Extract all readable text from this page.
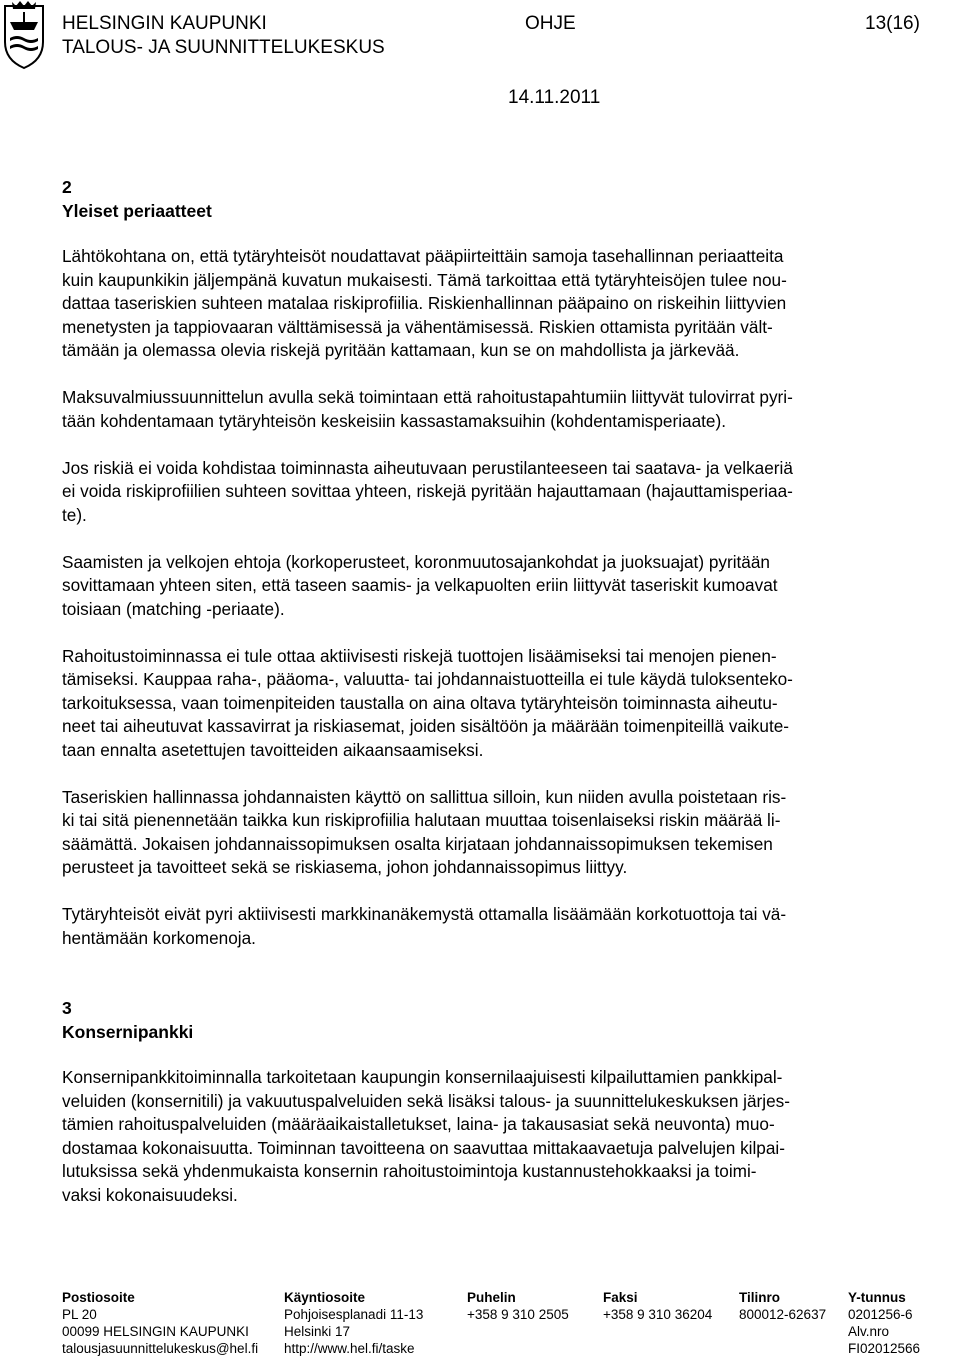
HELSINGIN KAUPUNKI	OHJE	13(16)
TALOUS- JA SUUNNITTELUKESKUS
14.11.2011
2
Yleiset periaatteet
Lähtökohtana on, että tytäryhteisöt noudattavat pääpiirteittäin samoja tasehallinnan periaatteita
kuin kaupunkikin jäljempänä kuvatun mukaisesti. Tämä tarkoittaa että tytäryhteisöjen tulee nou-
dattaa taseriskien suhteen matalaa riskiprofiilia. Riskienhallinnan pääpaino on riskeihin liittyvien
menetysten ja tappiovaaran välttämisessä ja vähentämisessä. Riskien ottamista pyritään vält-
tämään ja olemassa olevia riskejä pyritään kattamaan, kun se on mahdollista ja järkevää.
Maksuvalmiussuunnittelun avulla sekä toimintaan että rahoitustapahtumiin liittyvät tulovirrat pyri-
tään kohdentamaan tytäryhteisön keskeisiin kassastamaksuihin (kohdentamisperiaate).
Jos riskiä ei voida kohdistaa toiminnasta aiheutuvaan perustilanteeseen tai saatava- ja velkaeriä
ei voida riskiprofiilien suhteen sovittaa yhteen, riskejä pyritään hajauttamaan (hajauttamisperiaa-
te).
Saamisten ja velkojen ehtoja (korkoperusteet, koronmuutosajankohdat ja juoksuajat) pyritään
sovittamaan yhteen siten, että taseen saamis- ja velkapuolten eriin liittyvät taseriskit kumoavat
toisiaan (matching -periaate).
Rahoitustoiminnassa ei tule ottaa aktiivisesti riskejä tuottojen lisäämiseksi tai menojen pienen-
tämiseksi. Kauppaa raha-, pääoma-, valuutta- tai johdannaistuotteilla ei tule käydä tuloksenteko-
tarkoituksessa, vaan toimenpiteiden taustalla on aina oltava tytäryhteisön toiminnasta aiheutu-
neet tai aiheutuvat kassavirrat ja riskiasemat, joiden sisältöön ja määrään toimenpiteillä vaikute-
taan ennalta asetettujen tavoitteiden aikaansaamiseksi.
Taseriskien hallinnassa johdannaisten käyttö on sallittua silloin, kun niiden avulla poistetaan ris-
ki tai sitä pienennetään taikka kun riskiprofiilia halutaan muuttaa toisenlaiseksi riskin määrää li-
säämättä. Jokaisen johdannaissopimuksen osalta kirjataan johdannaissopimuksen tekemisen
perusteet ja tavoitteet sekä se riskiasema, johon johdannaissopimus liittyy.
Tytäryhteisöt eivät pyri aktiivisesti markkinanäkemystä ottamalla lisäämään korkotuottoja tai vä-
hentämään korkomenoja.
3
Konsernipankki
Konsernipankkitoiminnalla tarkoitetaan kaupungin konsernilaajuisesti kilpailuttamien pankkipal-
veluiden (konsernitili) ja vakuutuspalveluiden sekä lisäksi talous- ja suunnittelukeskuksen järjes-
tämien rahoituspalveluiden (määräaikaistalletukset, laina- ja takausasiat sekä neuvonta) muo-
dostamaa kokonaisuutta. Toiminnan tavoitteena on saavuttaa mittakaavaetuja palvelujen kilpai-
lutuksissa sekä yhdenmukaista konsernin rahoitustoimintoja kustannustehokkaaksi ja toimi-
vaksi kokonaisuudeksi.
Postiosoite
PL 20
00099 HELSINGIN KAUPUNKI
talousjasuunnittelukeskus@hel.fi
Käyntiosoite
Pohjoisesplanadi 11-13
Helsinki 17
http://www.hel.fi/taske
Puhelin
+358 9 310 2505
Faksi
+358 9 310 36204
Tilinro
800012-62637
Y-tunnus
0201256-6
Alv.nro
FI02012566
